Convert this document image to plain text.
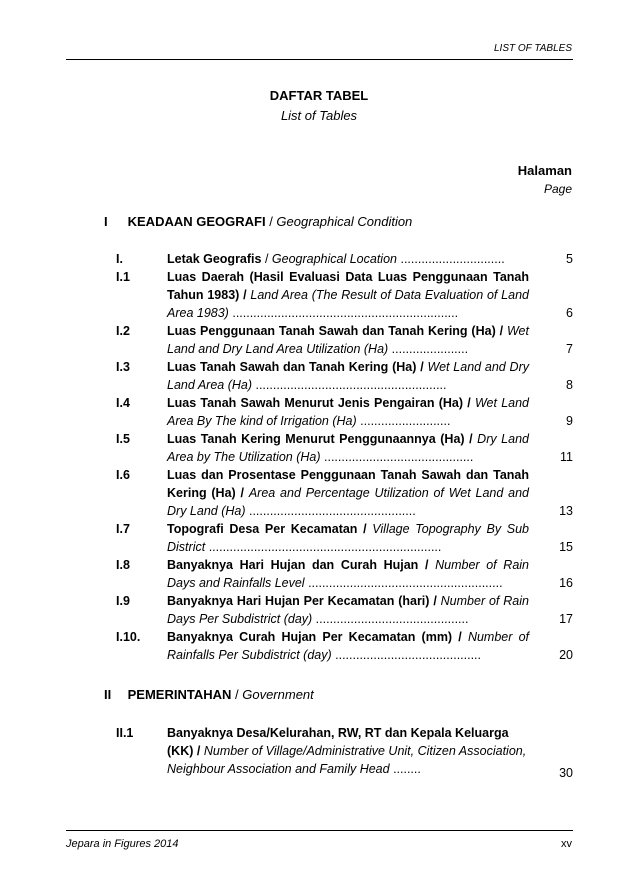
LIST OF TABLES
DAFTAR TABEL
List of Tables
Halaman
Page
I KEADAAN GEOGRAFI / Geographical Condition
I.	Letak Geografis / Geographical Location ..............................	5
I.1	Luas Daerah (Hasil Evaluasi Data Luas Penggunaan Tanah Tahun 1983) / Land Area (The Result of Data Evaluation of Land Area 1983) .................................................................	6
I.2	Luas Penggunaan Tanah Sawah dan Tanah Kering (Ha) / Wet Land and Dry Land Area Utilization (Ha) ......................	7
I.3	Luas Tanah Sawah dan Tanah Kering (Ha) / Wet Land and Dry Land Area (Ha) .......................................................	8
I.4	Luas Tanah Sawah Menurut Jenis Pengairan (Ha) / Wet Land Area By The kind of Irrigation (Ha) ..........................	9
I.5	Luas Tanah Kering Menurut Penggunaannya (Ha) / Dry Land Area by The Utilization (Ha) ...........................................	11
I.6	Luas dan Prosentase Penggunaan Tanah Sawah dan Tanah Kering (Ha) / Area and Percentage Utilization of Wet Land and Dry Land (Ha) ................................................	13
I.7	Topografi Desa Per Kecamatan / Village Topography By Sub District ...................................................................	15
I.8	Banyaknya Hari Hujan dan Curah Hujan / Number of Rain Days and Rainfalls Level ........................................................	16
I.9	Banyaknya Hari Hujan Per Kecamatan (hari) / Number of Rain Days Per Subdistrict (day) ............................................	17
I.10. Banyaknya Curah Hujan Per Kecamatan (mm) / Number of Rainfalls Per Subdistrict (day) ..........................................	20
II PEMERINTAHAN / Government
II.1	Banyaknya Desa/Kelurahan, RW, RT dan Kepala Keluarga (KK) / Number of Village/Administrative Unit, Citizen Association, Neighbour Association and Family Head ........	30
Jepara in Figures 2014	xv
